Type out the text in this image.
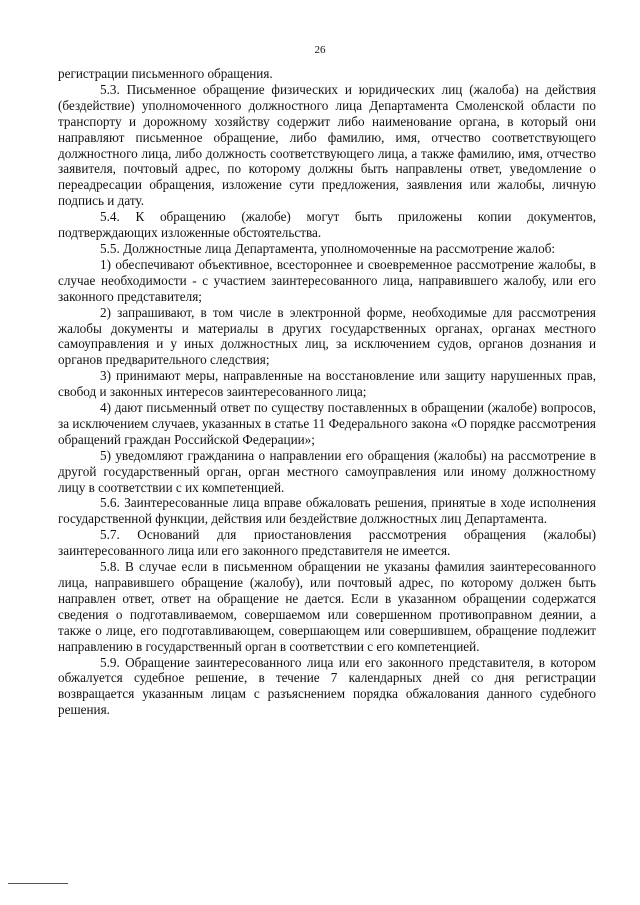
26

регистрации письменного обращения.

5.3. Письменное обращение физических и юридических лиц (жалоба) на действия (бездействие) уполномоченного должностного лица Департамента Смоленской области по транспорту и дорожному хозяйству содержит либо наименование органа, в который они направляют письменное обращение, либо фамилию, имя, отчество соответствующего должностного лица, либо должность соответствующего лица, а также фамилию, имя, отчество заявителя, почтовый адрес, по которому должны быть направлены ответ, уведомление о переадресации обращения, изложение сути предложения, заявления или жалобы, личную подпись и дату.

5.4. К обращению (жалобе) могут быть приложены копии документов, подтверждающих изложенные обстоятельства.

5.5. Должностные лица Департамента, уполномоченные на рассмотрение жалоб:

1) обеспечивают объективное, всестороннее и своевременное рассмотрение жалобы, в случае необходимости - с участием заинтересованного лица, направившего жалобу, или его законного представителя;

2) запрашивают, в том числе в электронной форме, необходимые для рассмотрения жалобы документы и материалы в других государственных органах, органах местного самоуправления и у иных должностных лиц, за исключением судов, органов дознания и органов предварительного следствия;

3) принимают меры, направленные на восстановление или защиту нарушенных прав, свобод и законных интересов заинтересованного лица;

4) дают письменный ответ по существу поставленных в обращении (жалобе) вопросов, за исключением случаев, указанных в статье 11 Федерального закона «О порядке рассмотрения обращений граждан Российской Федерации»;

5) уведомляют гражданина о направлении его обращения (жалобы) на рассмотрение в другой государственный орган, орган местного самоуправления или иному должностному лицу в соответствии с их компетенцией.

5.6. Заинтересованные лица вправе обжаловать решения, принятые в ходе исполнения государственной функции, действия или бездействие должностных лиц Департамента.

5.7. Оснований для приостановления рассмотрения обращения (жалобы) заинтересованного лица или его законного представителя не имеется.

5.8. В случае если в письменном обращении не указаны фамилия заинтересованного лица, направившего обращение (жалобу), или почтовый адрес, по которому должен быть направлен ответ, ответ на обращение не дается. Если в указанном обращении содержатся сведения о подготавливаемом, совершаемом или совершенном противоправном деянии, а также о лице, его подготавливающем, совершающем или совершившем, обращение подлежит направлению в государственный орган в соответствии с его компетенцией.

5.9. Обращение заинтересованного лица или его законного представителя, в котором обжалуется судебное решение, в течение 7 календарных дней со дня регистрации возвращается указанным лицам с разъяснением порядка обжалования данного судебного решения.
